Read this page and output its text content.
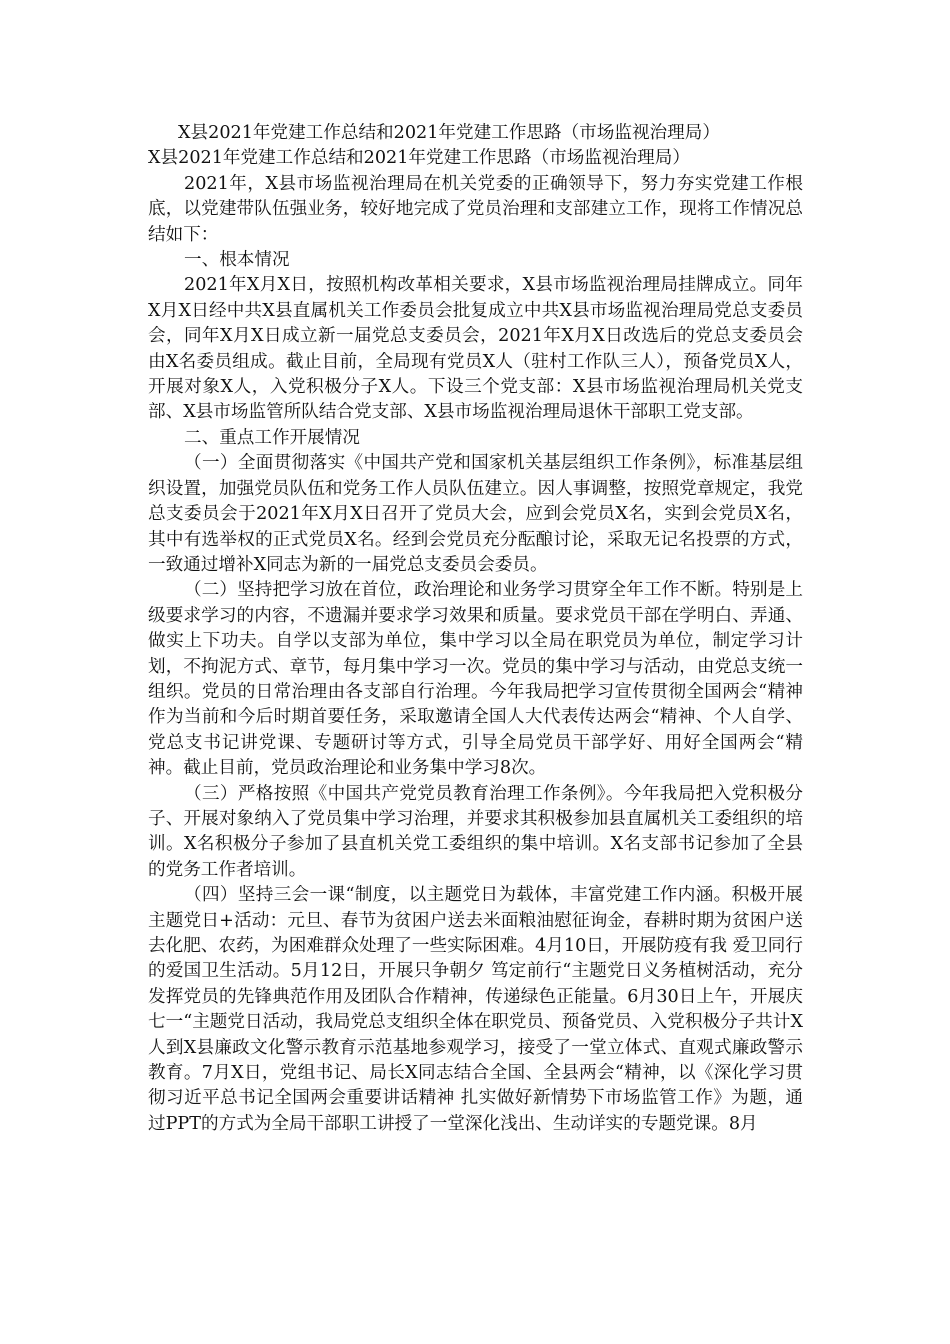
X县2021年党建工作总结和2021年党建工作思路（市场监视治理局）

X县2021年党建工作总结和2021年党建工作思路（市场监视治理局）

2021年，X县市场监视治理局在机关党委的正确领导下，努力夯实党建工作根底，以党建带队伍强业务，较好地完成了党员治理和支部建立工作，现将工作情况总结如下：

一、根本情况

2021年X月X日，按照机构改革相关要求，X县市场监视治理局挂牌成立。同年X月X日经中共X县直属机关工作委员会批复成立中共X县市场监视治理局党总支委员会，同年X月X日成立新一届党总支委员会，2021年X月X日改选后的党总支委员会由X名委员组成。截止目前，全局现有党员X人（驻村工作队三人），预备党员X人，开展对象X人，入党积极分子X人。下设三个党支部：X县市场监视治理局机关党支部、X县市场监管所队结合党支部、X县市场监视治理局退休干部职工党支部。

二、重点工作开展情况

（一）全面贯彻落实《中国共产党和国家机关基层组织工作条例》，标准基层组织设置，加强党员队伍和党务工作人员队伍建立。因人事调整，按照党章规定，我党总支委员会于2021年X月X日召开了党员大会，应到会党员X名，实到会党员X名，其中有选举权的正式党员X名。经到会党员充分酝酿讨论，采取无记名投票的方式，一致通过增补X同志为新的一届党总支委员会委员。

（二）坚持把学习放在首位，政治理论和业务学习贯穿全年工作不断。特别是上级要求学习的内容，不遗漏并要求学习效果和质量。要求党员干部在学明白、弄通、做实上下功夫。自学以支部为单位，集中学习以全局在职党员为单位，制定学习计划，不拘泥方式、章节，每月集中学习一次。党员的集中学习与活动，由党总支统一组织。党员的日常治理由各支部自行治理。今年我局把学习宣传贯彻全国两会“精神作为当前和今后时期首要任务，采取邀请全国人大代表传达两会“精神、个人自学、党总支书记讲党课、专题研讨等方式，引导全局党员干部学好、用好全国两会“精神。截止目前，党员政治理论和业务集中学习8次。

（三）严格按照《中国共产党党员教育治理工作条例》。今年我局把入党积极分子、开展对象纳入了党员集中学习治理，并要求其积极参加县直属机关工委组织的培训。X名积极分子参加了县直机关党工委组织的集中培训。X名支部书记参加了全县的党务工作者培训。

（四）坚持三会一课“制度，以主题党日为载体，丰富党建工作内涵。积极开展主题党日+活动：元旦、春节为贫困户送去米面粮油慰征询金，春耕时期为贫困户送去化肥、农药，为困难群众处理了一些实际困难。4月10日，开展防疫有我 爱卫同行的爱国卫生活动。5月12日，开展只争朝夕 笃定前行“主题党日义务植树活动，充分发挥党员的先锋典范作用及团队合作精神，传递绿色正能量。6月30日上午，开展庆七一“主题党日活动，我局党总支组织全体在职党员、预备党员、入党积极分子共计X人到X县廉政文化警示教育示范基地参观学习，接受了一堂立体式、直观式廉政警示教育。7月X日，党组书记、局长X同志结合全国、全县两会“精神，以《深化学习贯彻习近平总书记全国两会重要讲话精神 扎实做好新情势下市场监管工作》为题，通过PPT的方式为全局干部职工讲授了一堂深化浅出、生动详实的专题党课。8月
